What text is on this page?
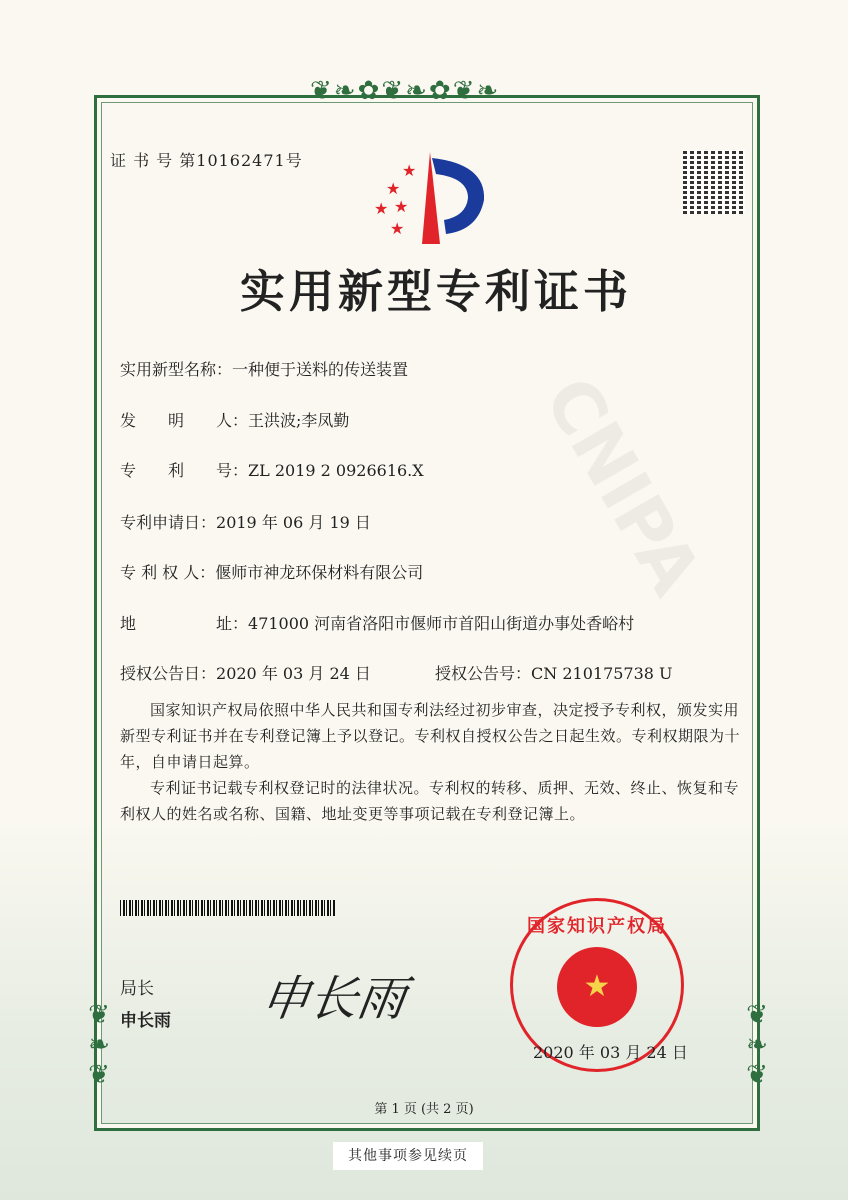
CNIPA
❦❧✿❦❧✿❦❧
❦❧❦	❦❧❦
证 书 号 第10162471号
★
★
★ ★
★
实用新型专利证书
实用新型名称：一种便于送料的传送装置
发　　明　　人：王洪波;李凤勤
专　　利　　号：ZL 2019 2 0926616.X
专利申请日：2019 年 06 月 19 日
专 利 权 人：偃师市神龙环保材料有限公司
地　　　　　址：471000 河南省洛阳市偃师市首阳山街道办事处香峪村
授权公告日：2020 年 03 月 24 日	授权公告号：CN 210175738 U
国家知识产权局依照中华人民共和国专利法经过初步审查，决定授予专利权，颁发实用新型专利证书并在专利登记簿上予以登记。专利权自授权公告之日起生效。专利权期限为十年，自申请日起算。
专利证书记载专利权登记时的法律状况。专利权的转移、质押、无效、终止、恢复和专利权人的姓名或名称、国籍、地址变更等事项记载在专利登记簿上。
局长
申长雨 申长雨
国家知识产权局
★
2020 年 03 月 24 日
第 1 页 (共 2 页)
其他事项参见续页
